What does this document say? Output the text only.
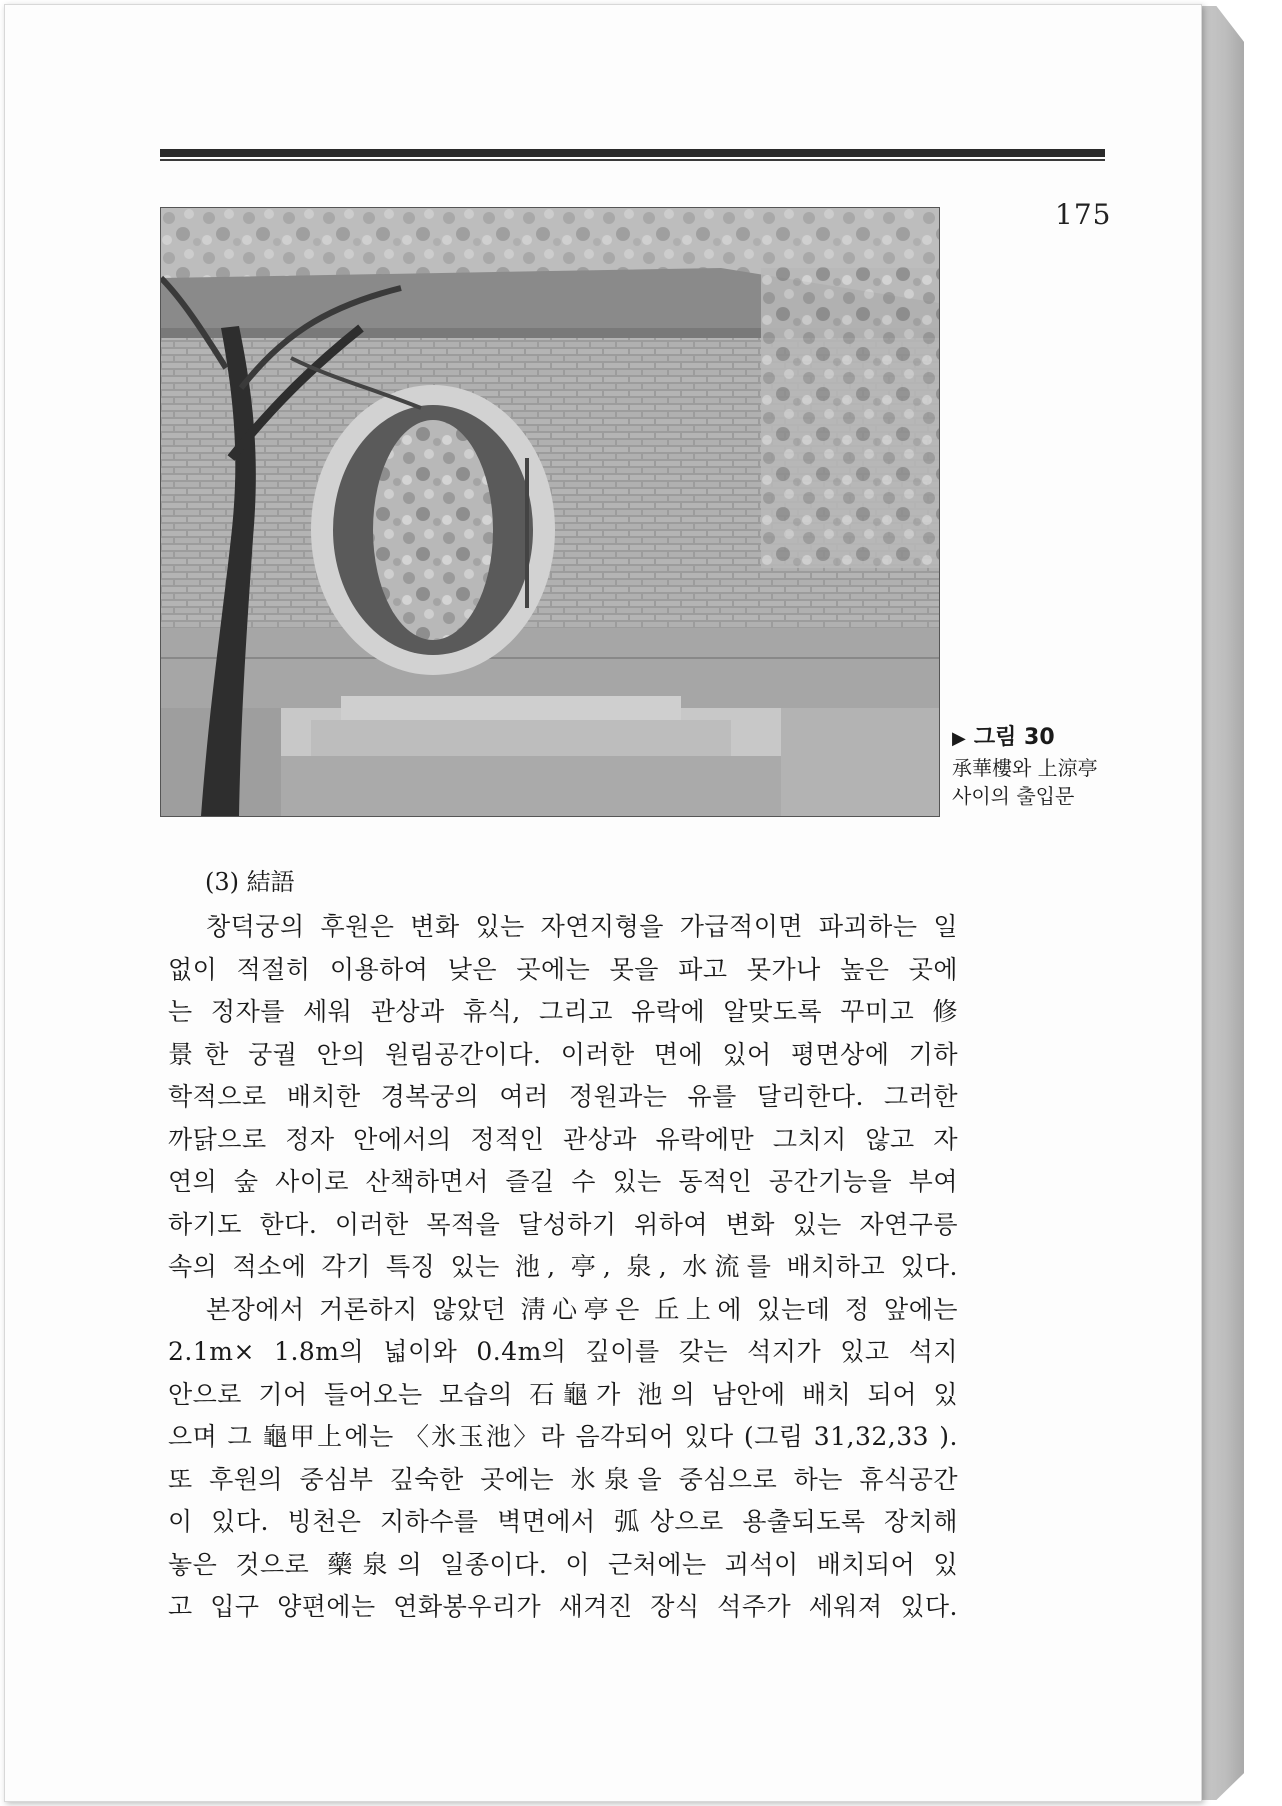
175
▶ 그림 30
承華樓와 上涼亭
사이의 출입문
(3) 結語
창덕궁의 후원은 변화 있는 자연지형을 가급적이면 파괴하는 일
없이 적절히 이용하여 낮은 곳에는 못을 파고 못가나 높은 곳에
는 정자를 세워 관상과 휴식, 그리고 유락에 알맞도록 꾸미고 修
景한 궁궐 안의 원림공간이다. 이러한 면에 있어 평면상에 기하
학적으로 배치한 경복궁의 여러 정원과는 유를 달리한다. 그러한
까닭으로 정자 안에서의 정적인 관상과 유락에만 그치지 않고 자
연의 숲 사이로 산책하면서 즐길 수 있는 동적인 공간기능을 부여
하기도 한다. 이러한 목적을 달성하기 위하여 변화 있는 자연구릉
속의 적소에 각기 특징 있는 池, 亭, 泉, 水流를 배치하고 있다.
본장에서 거론하지 않았던 淸心亭은 丘上에 있는데 정 앞에는
2.1m× 1.8m의 넓이와 0.4m의 깊이를 갖는 석지가 있고 석지
안으로 기어 들어오는 모습의 石龜가 池의 남안에 배치 되어 있
으며 그 龜甲上에는 〈氷玉池〉라 음각되어 있다 (그림 31,32,33 ).
또 후원의 중심부 깊숙한 곳에는 氷泉을 중심으로 하는 휴식공간
이 있다. 빙천은 지하수를 벽면에서 弧상으로 용출되도록 장치해
놓은 것으로 藥泉의 일종이다. 이 근처에는 괴석이 배치되어 있
고 입구 양편에는 연화봉우리가 새겨진 장식 석주가 세워져 있다.
